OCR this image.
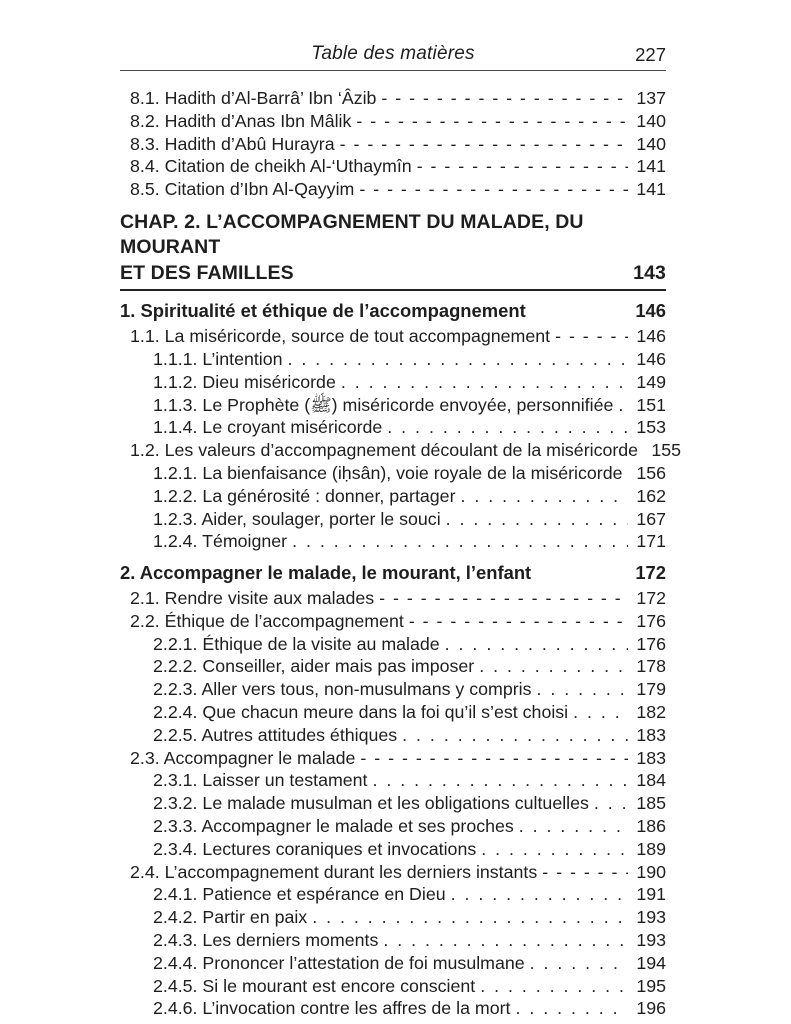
Table des matières	227
8.1. Hadith d’Al-Barrâ’ Ibn ‘Âzib - - -	137
8.2. Hadith d’Anas Ibn Mâlik - - -	140
8.3. Hadith d’Abû Hurayra - - -	140
8.4. Citation de cheikh Al-‘Uthaymîn - - -	141
8.5. Citation d’Ibn Al-Qayyim - - -	141
CHAP. 2. L’ACCOMPAGNEMENT DU MALADE, DU MOURANT
ET DES FAMILLES	143
1. Spiritualité et éthique de l’accompagnement	146
1.1. La miséricorde, source de tout accompagnement - - -	146
1.1.1. L’intention . . .	146
1.1.2. Dieu miséricorde . . .	149
1.1.3. Le Prophète (ﷺ) miséricorde envoyée, personnifiée . . . 151
1.1.4. Le croyant miséricorde . . .	153
1.2. Les valeurs d’accompagnement découlant de la miséricorde 155
1.2.1. La bienfaisance (iḥsân), voie royale de la miséricorde . . . 156
1.2.2. La générosité : donner, partager . . .	162
1.2.3. Aider, soulager, porter le souci . . .	167
1.2.4. Témoigner . . .	171
2. Accompagner le malade, le mourant, l’enfant	172
2.1. Rendre visite aux malades - - -	172
2.2. Éthique de l’accompagnement - - -	176
2.2.1. Éthique de la visite au malade . . .	176
2.2.2. Conseiller, aider mais pas imposer . . .	178
2.2.3. Aller vers tous, non-musulmans y compris . . .	179
2.2.4. Que chacun meure dans la foi qu’il s’est choisi . . .	182
2.2.5. Autres attitudes éthiques . . .	183
2.3. Accompagner le malade - - -	183
2.3.1. Laisser un testament . . .	184
2.3.2. Le malade musulman et les obligations cultuelles . . .	185
2.3.3. Accompagner le malade et ses proches . . .	186
2.3.4. Lectures coraniques et invocations . . .	189
2.4. L’accompagnement durant les derniers instants - - -	190
2.4.1. Patience et espérance en Dieu . . .	191
2.4.2. Partir en paix . . .	193
2.4.3. Les derniers moments . . .	193
2.4.4. Prononcer l’attestation de foi musulmane . . .	194
2.4.5. Si le mourant est encore conscient . . .	195
2.4.6. L’invocation contre les affres de la mort . . .	196
